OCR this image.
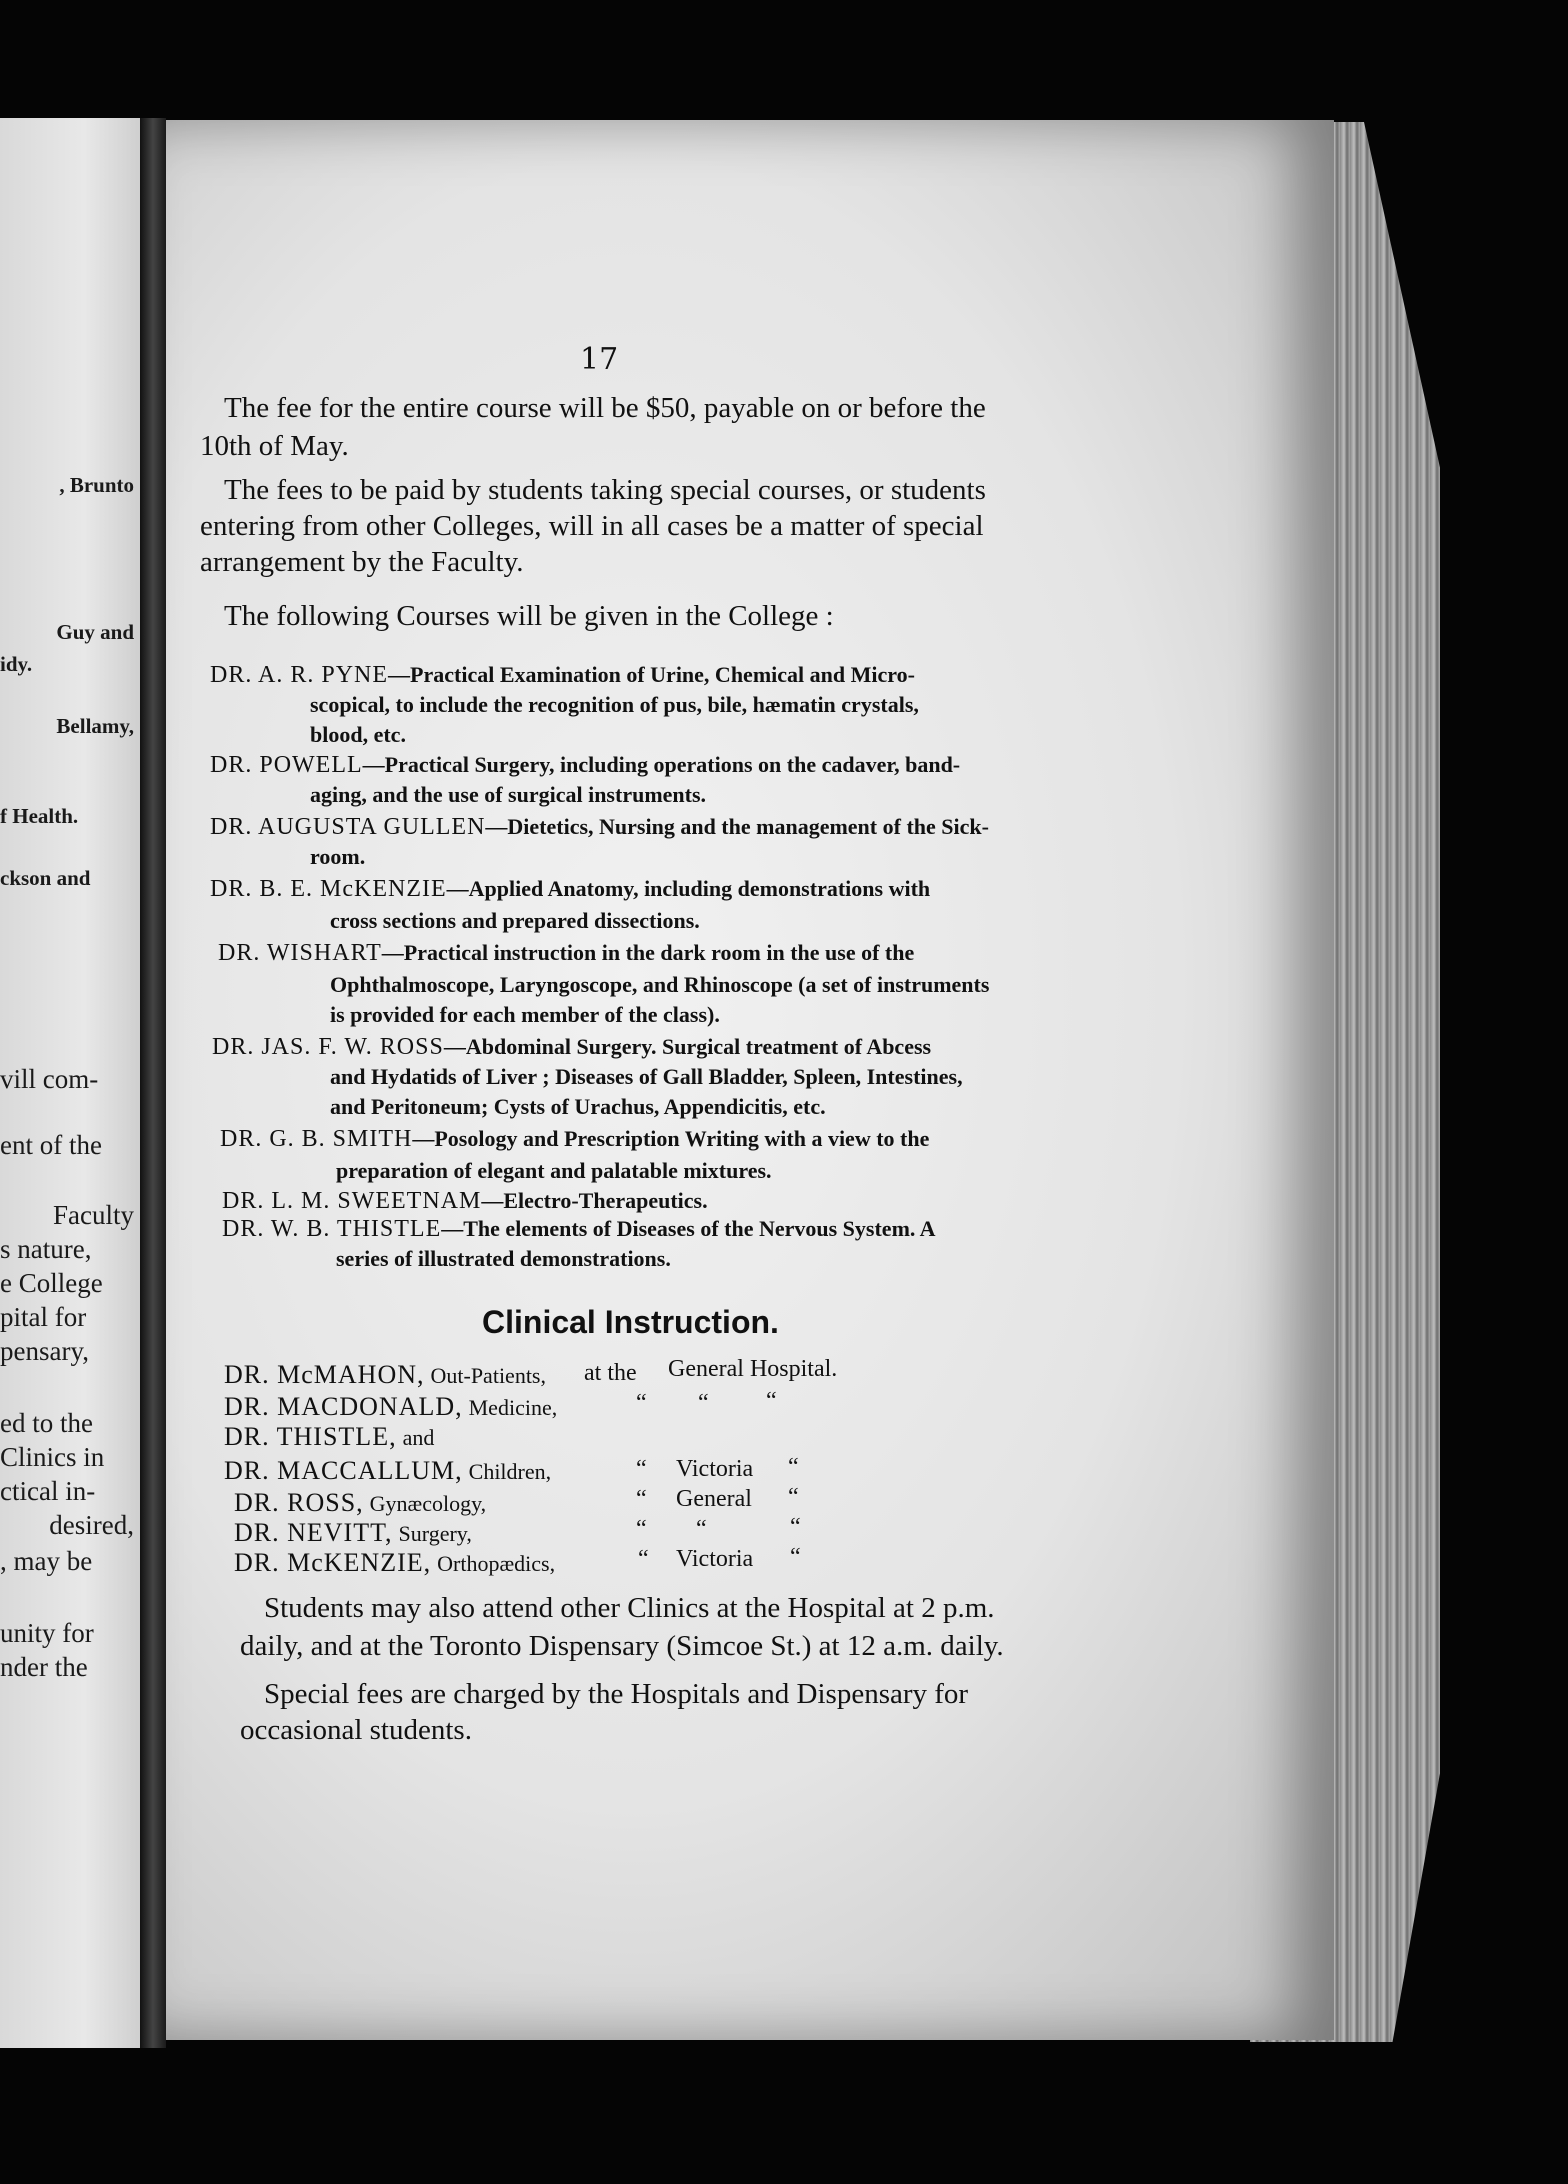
, Brunto
Guy and
idy.
Bellamy,
f Health.
ckson and
vill com-
ent of the
Faculty
s nature,
e College
pital for
pensary,
ed to the
Clinics in
ctical in-
desired,
, may be
unity for
nder the
17
The fee for the entire course will be $50, payable on or before the
10th of May.
The fees to be paid by students taking special courses, or students
entering from other Colleges, will in all cases be a matter of special
arrangement by the Faculty.
The following Courses will be given in the College :
DR. A. R. PYNE—Practical Examination of Urine, Chemical and Micro-
scopical, to include the recognition of pus, bile, hæmatin crystals,
blood, etc.
DR. POWELL—Practical Surgery, including operations on the cadaver, band-
aging, and the use of surgical instruments.
DR. AUGUSTA GULLEN—Dietetics, Nursing and the management of the Sick-
room.
DR. B. E. McKENZIE—Applied Anatomy, including demonstrations with
cross sections and prepared dissections.
DR. WISHART—Practical instruction in the dark room in the use of the
Ophthalmoscope, Laryngoscope, and Rhinoscope (a set of instruments
is provided for each member of the class).
DR. JAS. F. W. ROSS—Abdominal Surgery. Surgical treatment of Abcess
and Hydatids of Liver ; Diseases of Gall Bladder, Spleen, Intestines,
and Peritoneum; Cysts of Urachus, Appendicitis, etc.
DR. G. B. SMITH—Posology and Prescription Writing with a view to the
preparation of elegant and palatable mixtures.
DR. L. M. SWEETNAM—Electro-Therapeutics.
DR. W. B. THISTLE—The elements of Diseases of the Nervous System. A
series of illustrated demonstrations.
Clinical Instruction.
DR. McMAHON, Out-Patients, at the General Hospital.
DR. MACDONALD, Medicine,	“ “ “
DR. THISTLE, and
DR. MACCALLUM, Children,	“ Victoria “
DR. ROSS, Gynæcology,	“ General “
DR. NEVITT, Surgery,	“ “	“
DR. McKENZIE, Orthopædics,	“ Victoria “
Students may also attend other Clinics at the Hospital at 2 p.m.
daily, and at the Toronto Dispensary (Simcoe St.) at 12 a.m. daily.
Special fees are charged by the Hospitals and Dispensary for
occasional students.
